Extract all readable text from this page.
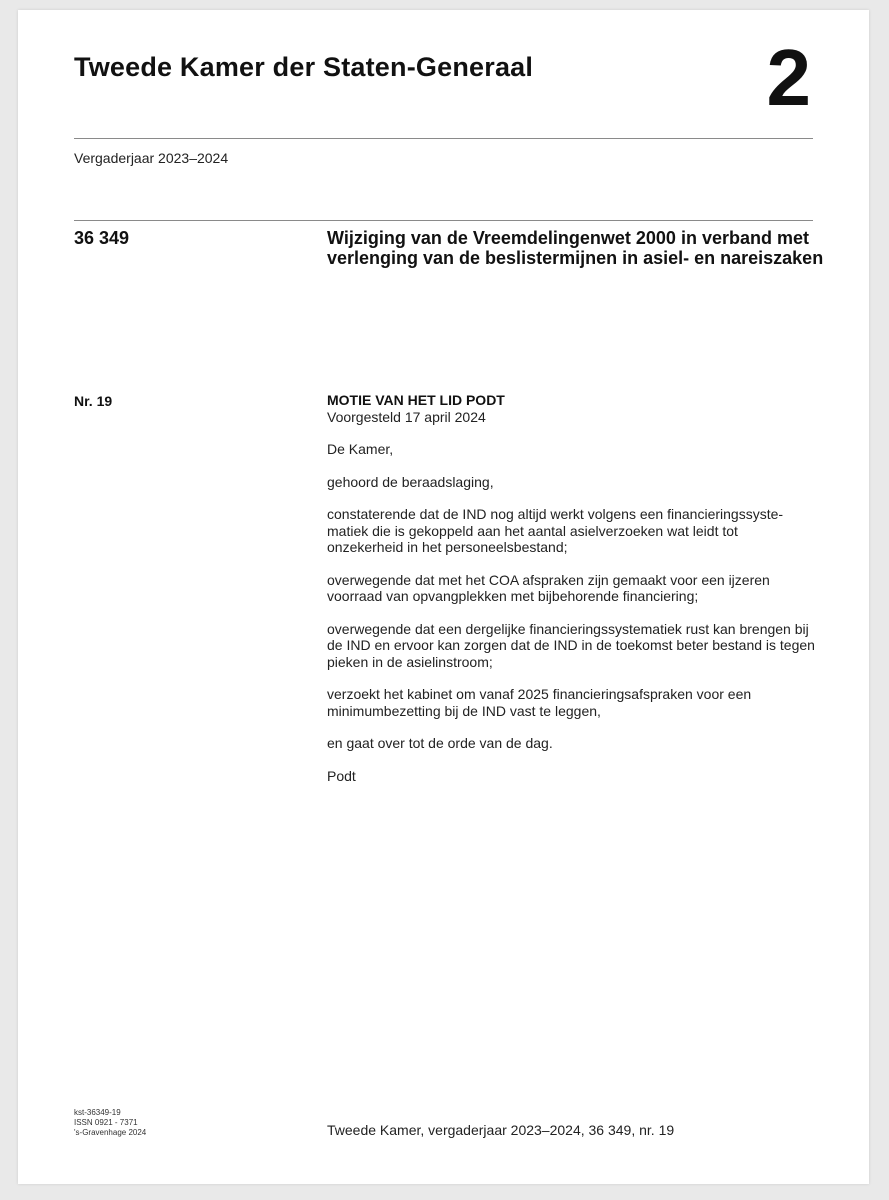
Tweede Kamer der Staten-Generaal	2
Vergaderjaar 2023–2024
36 349	Wijziging van de Vreemdelingenwet 2000 in verband met verlenging van de beslistermijnen in asiel- en nareiszaken
Nr. 19	MOTIE VAN HET LID PODT

Voorgesteld 17 april 2024

De Kamer,

gehoord de beraadslaging,

constaterende dat de IND nog altijd werkt volgens een financieringssyste-matiek die is gekoppeld aan het aantal asielverzoeken wat leidt tot onzekerheid in het personeelsbestand;

overwegende dat met het COA afspraken zijn gemaakt voor een ijzeren voorraad van opvangplekken met bijbehorende financiering;

overwegende dat een dergelijke financieringssystematiek rust kan brengen bij de IND en ervoor kan zorgen dat de IND in de toekomst beter bestand is tegen pieken in de asielinstroom;

verzoekt het kabinet om vanaf 2025 financieringsafspraken voor een minimumbezetting bij de IND vast te leggen,

en gaat over tot de orde van de dag.

Podt

kst-36349-19
ISSN 0921 - 7371
's-Gravenhage 2024	Tweede Kamer, vergaderjaar 2023–2024, 36 349, nr. 19
